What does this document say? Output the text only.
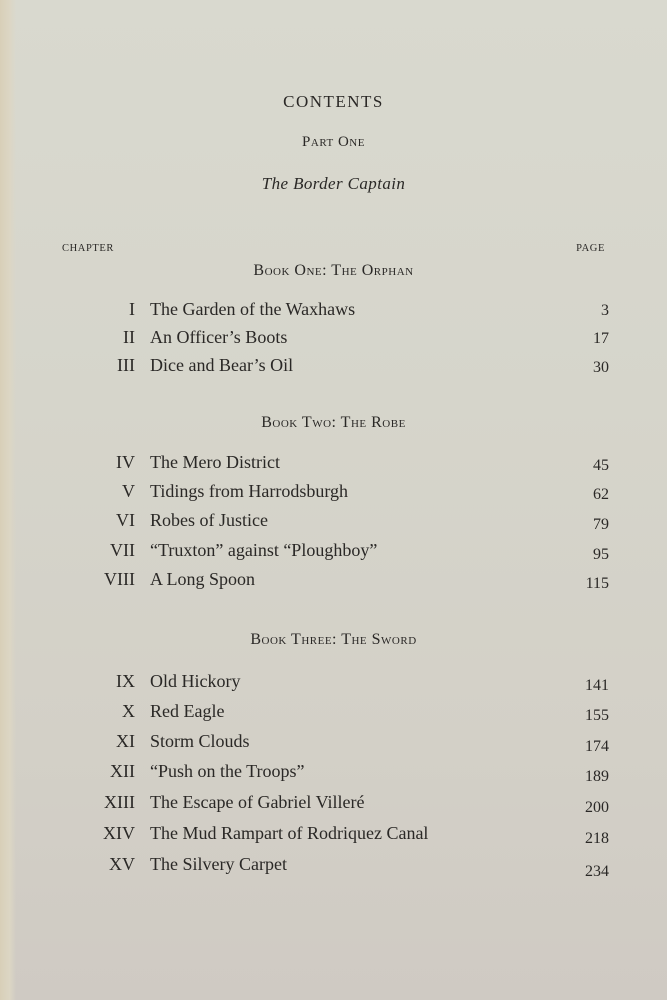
CONTENTS
Part One
The Border Captain
CHAPTER	PAGE
Book One: The Orphan
I The Garden of the Waxhaws	3
II An Officer’s Boots	17
III Dice and Bear’s Oil	30
Book Two: The Robe
IV The Mero District	45
V Tidings from Harrodsburgh	62
VI Robes of Justice	79
VII “Truxton” against “Ploughboy”	95
VIII A Long Spoon	115
Book Three: The Sword
IX Old Hickory	141
X Red Eagle	155
XI Storm Clouds	174
XII “Push on the Troops”	189
XIII The Escape of Gabriel Villeré	200
XIV The Mud Rampart of Rodriquez Canal	218
XV The Silvery Carpet	234
